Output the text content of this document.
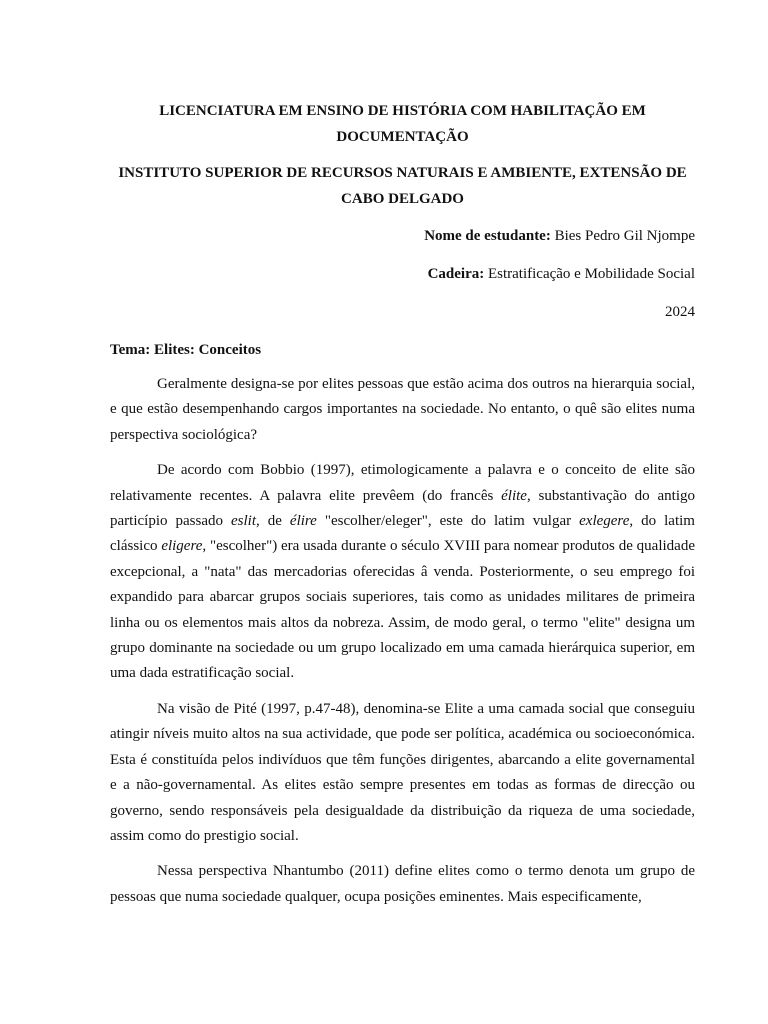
LICENCIATURA EM ENSINO DE HISTÓRIA COM HABILITAÇÃO EM DOCUMENTAÇÃO

INSTITUTO SUPERIOR DE RECURSOS NATURAIS E AMBIENTE, EXTENSÃO DE CABO DELGADO

Nome de estudante: Bies Pedro Gil Njompe

Cadeira: Estratificação e Mobilidade Social

2024

Tema: Elites: Conceitos

Geralmente designa-se por elites pessoas que estão acima dos outros na hierarquia social, e que estão desempenhando cargos importantes na sociedade. No entanto, o quê são elites numa perspectiva sociológica?

De acordo com Bobbio (1997), etimologicamente a palavra e o conceito de elite são relativamente recentes. A palavra elite prevêem (do francês élite, substantivação do antigo particípio passado eslit, de élire "escolher/eleger", este do latim vulgar exlegere, do latim clássico eligere, "escolher") era usada durante o século XVIII para nomear produtos de qualidade excepcional, a "nata" das mercadorias oferecidas â venda. Posteriormente, o seu emprego foi expandido para abarcar grupos sociais superiores, tais como as unidades militares de primeira linha ou os elementos mais altos da nobreza. Assim, de modo geral, o termo "elite" designa um grupo dominante na sociedade ou um grupo localizado em uma camada hierárquica superior, em uma dada estratificação social.

Na visão de Pité (1997, p.47-48), denomina-se Elite a uma camada social que conseguiu atingir níveis muito altos na sua actividade, que pode ser política, académica ou socioeconómica. Esta é constituída pelos indivíduos que têm funções dirigentes, abarcando a elite governamental e a não-governamental. As elites estão sempre presentes em todas as formas de direcção ou governo, sendo responsáveis pela desigualdade da distribuição da riqueza de uma sociedade, assim como do prestigio social.

Nessa perspectiva Nhantumbo (2011) define elites como o termo denota um grupo de pessoas que numa sociedade qualquer, ocupa posições eminentes. Mais especificamente,
